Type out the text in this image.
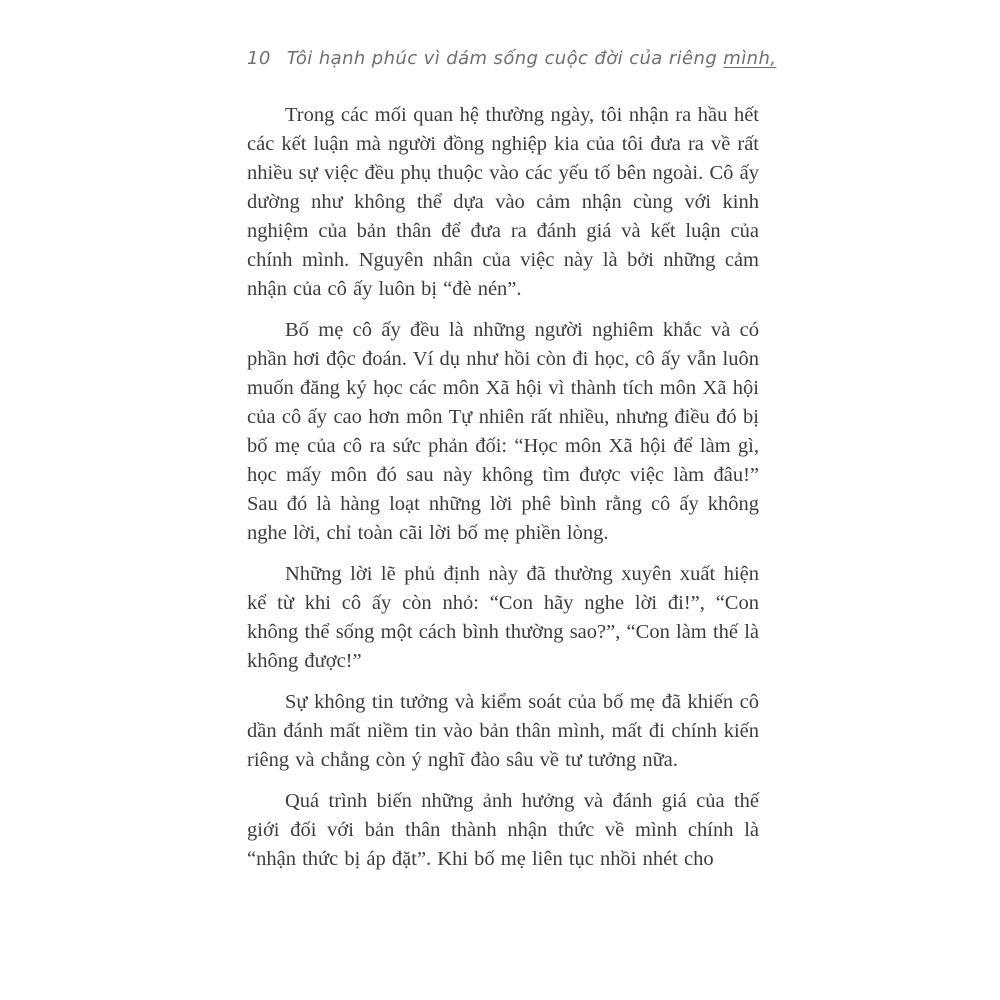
10 Tôi hạnh phúc vì dám sống cuộc đời của riêng mình,

Trong các mối quan hệ thường ngày, tôi nhận ra hầu hết các kết luận mà người đồng nghiệp kia của tôi đưa ra về rất nhiều sự việc đều phụ thuộc vào các yếu tố bên ngoài. Cô ấy dường như không thể dựa vào cảm nhận cùng với kinh nghiệm của bản thân để đưa ra đánh giá và kết luận của chính mình. Nguyên nhân của việc này là bởi những cảm nhận của cô ấy luôn bị “đè nén”.

Bố mẹ cô ấy đều là những người nghiêm khắc và có phần hơi độc đoán. Ví dụ như hồi còn đi học, cô ấy vẫn luôn muốn đăng ký học các môn Xã hội vì thành tích môn Xã hội của cô ấy cao hơn môn Tự nhiên rất nhiều, nhưng điều đó bị bố mẹ của cô ra sức phản đối: “Học môn Xã hội để làm gì, học mấy môn đó sau này không tìm được việc làm đâu!” Sau đó là hàng loạt những lời phê bình rằng cô ấy không nghe lời, chỉ toàn cãi lời bố mẹ phiền lòng.

Những lời lẽ phủ định này đã thường xuyên xuất hiện kể từ khi cô ấy còn nhỏ: “Con hãy nghe lời đi!”, “Con không thể sống một cách bình thường sao?”, “Con làm thế là không được!”

Sự không tin tưởng và kiểm soát của bố mẹ đã khiến cô dần đánh mất niềm tin vào bản thân mình, mất đi chính kiến riêng và chẳng còn ý nghĩ đào sâu về tư tưởng nữa.

Quá trình biến những ảnh hưởng và đánh giá của thế giới đối với bản thân thành nhận thức về mình chính là “nhận thức bị áp đặt”. Khi bố mẹ liên tục nhồi nhét cho
